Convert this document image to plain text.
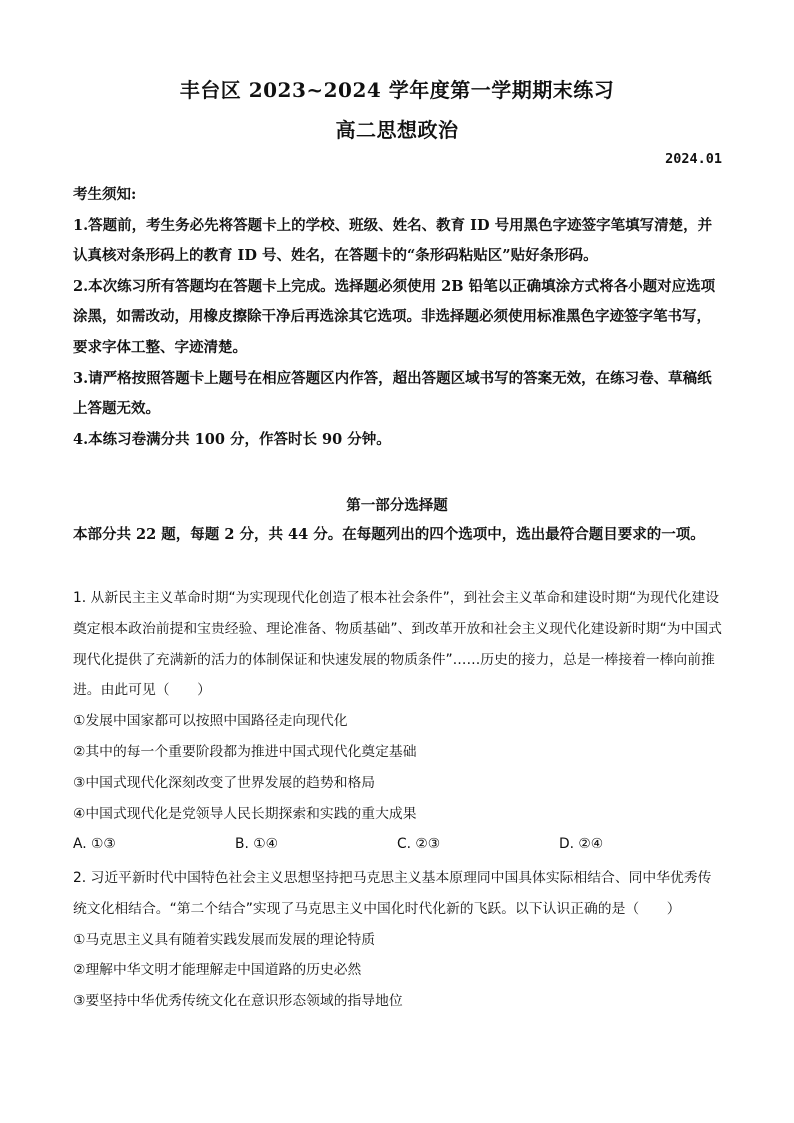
丰台区 2023~2024 学年度第一学期期末练习
高二思想政治
2024.01

考生须知:

1.答题前，考生务必先将答题卡上的学校、班级、姓名、教育 ID 号用黑色字迹签字笔填写清楚，并认真核对条形码上的教育 ID 号、姓名，在答题卡的“条形码粘贴区”贴好条形码。

2.本次练习所有答题均在答题卡上完成。选择题必须使用 2B 铅笔以正确填涂方式将各小题对应选项涂黑，如需改动，用橡皮擦除干净后再选涂其它选项。非选择题必须使用标准黑色字迹签字笔书写，要求字体工整、字迹清楚。

3.请严格按照答题卡上题号在相应答题区内作答，超出答题区域书写的答案无效，在练习卷、草稿纸上答题无效。

4.本练习卷满分共 100 分，作答时长 90 分钟。

第一部分选择题
本部分共 22 题，每题 2 分，共 44 分。在每题列出的四个选项中，选出最符合题目要求的一项。

1. 从新民主主义革命时期“为实现现代化创造了根本社会条件”，到社会主义革命和建设时期“为现代化建设奠定根本政治前提和宝贵经验、理论准备、物质基础”、到改革开放和社会主义现代化建设新时期“为中国式现代化提供了充满新的活力的体制保证和快速发展的物质条件”……历史的接力，总是一棒接着一棒向前推进。由此可见（　　）

①发展中国家都可以按照中国路径走向现代化

②其中的每一个重要阶段都为推进中国式现代化奠定基础

③中国式现代化深刻改变了世界发展的趋势和格局

④中国式现代化是党领导人民长期探索和实践的重大成果

A. ①③	B. ①④	C. ②③	D. ②④

2. 习近平新时代中国特色社会主义思想坚持把马克思主义基本原理同中国具体实际相结合、同中华优秀传统文化相结合。“第二个结合”实现了马克思主义中国化时代化新的飞跃。以下认识正确的是（　　）

①马克思主义具有随着实践发展而发展的理论特质

②理解中华文明才能理解走中国道路的历史必然

③要坚持中华优秀传统文化在意识形态领域的指导地位
